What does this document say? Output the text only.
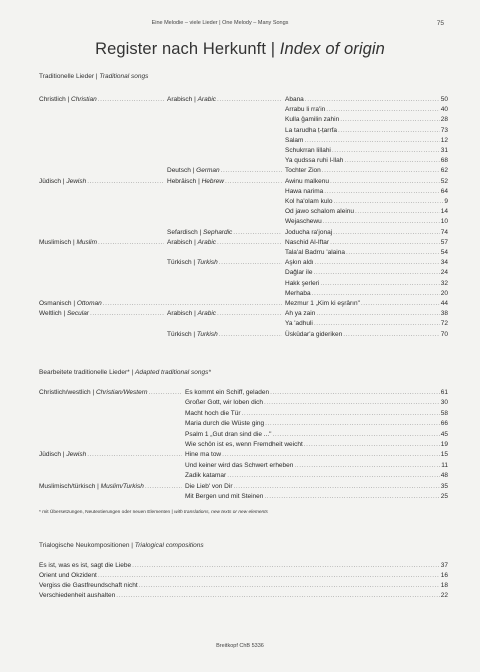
Eine Melodie – viele Lieder | One Melody – Many Songs	75
Register nach Herkunft | Index of origin
Traditionelle Lieder | Traditional songs
Christlich | Christian .....	Arabisch | Arabic .....	Abana .....	50
Arrabu li rra'in .....	40
Kulla ǧamilin zahin .....	28
La tarudha ṭ-ṭarrfa .....	73
Salam .....	12
Schukrran lillahi .....	31
Ya qudssa ruhi l-llah .....	68
Deutsch | German .....	Tochter Zion .....	62
Jüdisch | Jewish .....	Hebräisch | Hebrew .....	Awinu malkenu .....	52
Hawa narima .....	64
Kol ha'olam kulo .....	9
Od jawo schalom aleinu .....	14
Wejaschewu .....	10
Sefardisch | Sephardic .....	Joducha ra'jonaj .....	74
Muslimisch | Muslim .....	Arabisch | Arabic .....	Naschid Al-Iftar .....	57
Tala'al Badrru 'alaina .....	54
Türkisch | Turkish .....	Aşkın aldı .....	34
Dağlar ile .....	24
Hakk şerleri .....	32
Merhaba .....	20
Osmanisch | Ottoman .....	Mezmur 1 „Kim ki eşrârın" .....	44
Weltlich | Secular .....	Arabisch | Arabic .....	Ah ya zain .....	38
Ya 'adhuli .....	72
Türkisch | Turkish .....	Üsküdar'a gideriken .....	70
Bearbeitete traditionelle Lieder* | Adapted traditional songs*
Christlich/westlich | Christian/Western .....	Es kommt ein Schiff, geladen .....	61
Großer Gott, wir loben dich .....	30
Macht hoch die Tür .....	58
Maria durch die Wüste ging .....	66
Psalm 1 „Gut dran sind die ..." .....	45
Wie schön ist es, wenn Fremdheit weicht .....	19
Jüdisch | Jewish .....	Hine ma tow .....	15
Und keiner wird das Schwert erheben .....	11
Zadik katamar .....	48
Muslimisch/türkisch | Muslim/Turkish .....	Die Lieb' von Dir .....	35
Mit Bergen und mit Steinen .....	25
* mit Übersetzungen, Neutextierungen oder neuen Elementen | with translations, new texts or new elements
Trialogische Neukompositionen | Trialogical compositions
Es ist, was es ist, sagt die Liebe .....	37
Orient und Okzident .....	16
Vergiss die Gastfreundschaft nicht .....	18
Verschiedenheit aushalten .....	22
Breitkopf ChB 5336
